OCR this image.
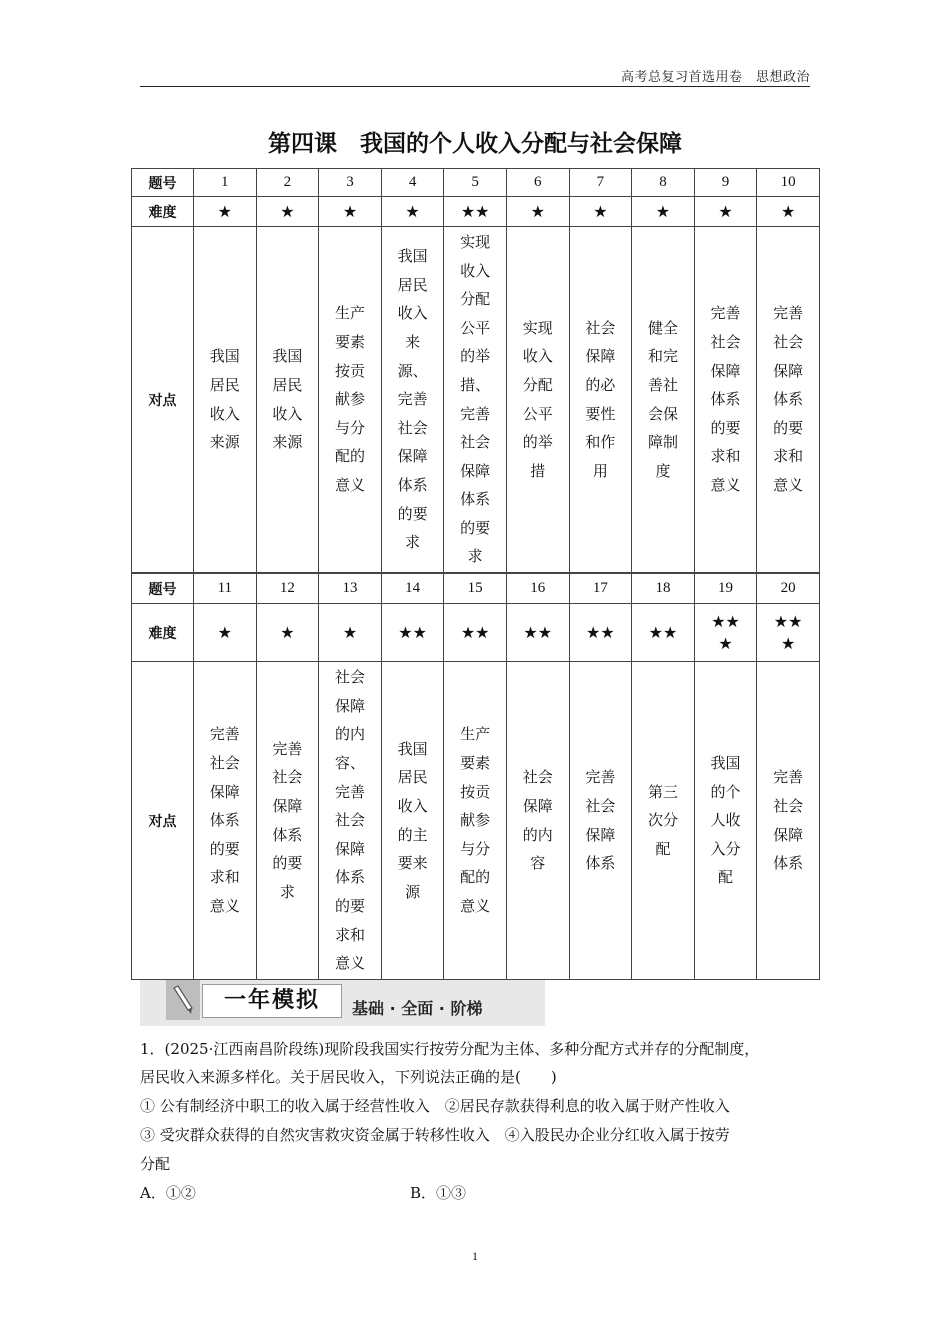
高考总复习首选用卷　思想政治
第四课　我国的个人收入分配与社会保障
题号	1	2	3	4	5	6	7	8	9	10
难度	★	★	★	★	★★	★	★	★	★	★

对点	我国居民收入来源	我国居民收入来源	生产要素按贡献参与分配的意义	我国居民收入来源、完善社会保障体系的要求	实现收入分配公平的举措、完善社会保障体系的要求	实现收入分配公平的举措	社会保障的必要性和作用	健全和完善社会保障制度	完善社会保障体系的要求和意义	完善社会保障体系的要求和意义
题号	11	12	13	14	15	16	17	18	19	20
难度	★	★	★	★★	★★	★★	★★	★★	★★★	★★★

对点	完善社会保障体系的要求和意义	完善社会保障体系的要求	社会保障的内容、完善社会保障体系的要求和意义	我国居民收入的主要来源	生产要素按贡献参与分配的意义	社会保障的内容	完善社会保障体系	第三次分配	我国的个人收入分配	完善社会保障体系
一年模拟	基础 · 全面 · 阶梯
1．(2025·江西南昌阶段练)现阶段我国实行按劳分配为主体、多种分配方式并存的分配制度，
居民收入来源多样化。关于居民收入，下列说法正确的是(　　)
① 公有制经济中职工的收入属于经营性收入　②居民存款获得利息的收入属于财产性收入
③ 受灾群众获得的自然灾害救灾资金属于转移性收入　④入股民办企业分红收入属于按劳
分配
A．①②	B．①③
1
